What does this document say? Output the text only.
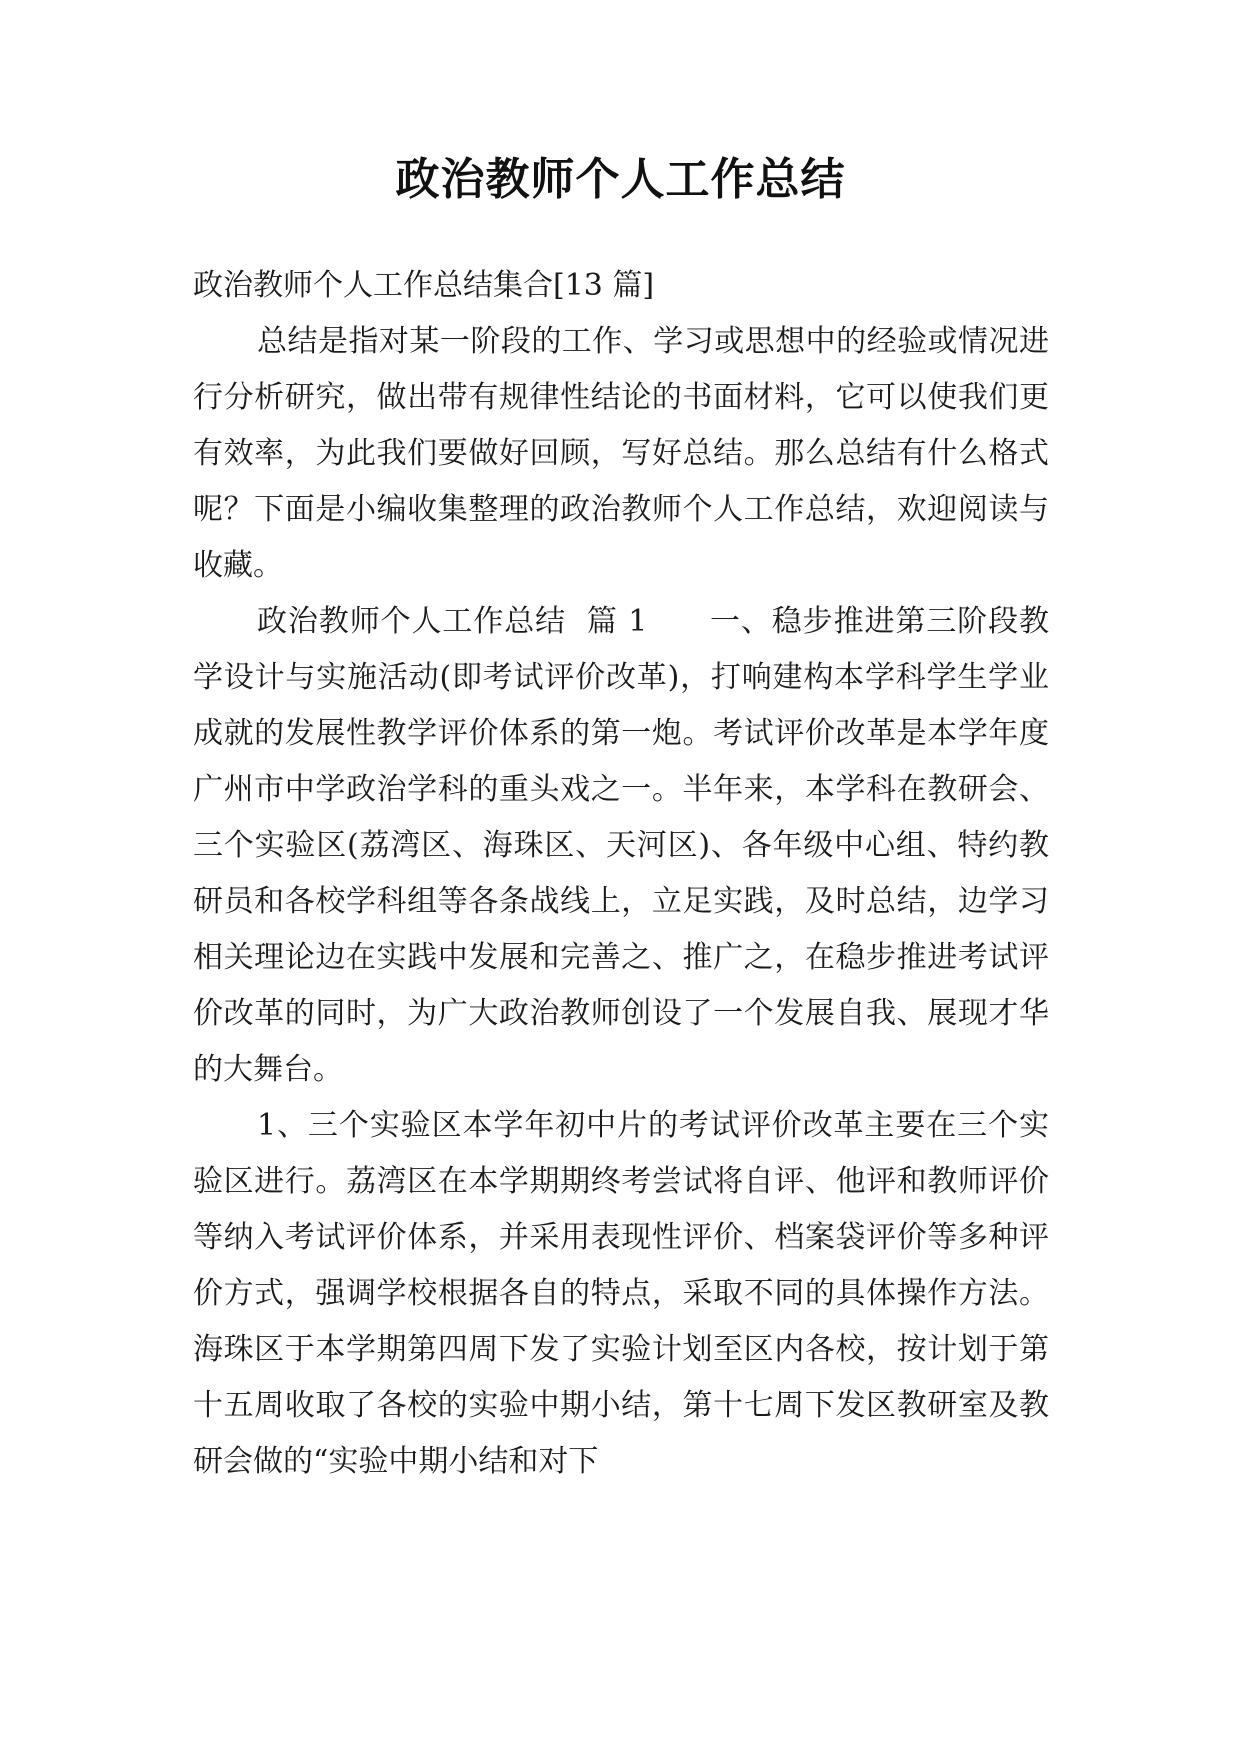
政治教师个人工作总结

政治教师个人工作总结集合[13 篇]

总结是指对某一阶段的工作、学习或思想中的经验或情况进行分析研究，做出带有规律性结论的书面材料，它可以使我们更有效率，为此我们要做好回顾，写好总结。那么总结有什么格式呢？下面是小编收集整理的政治教师个人工作总结，欢迎阅读与收藏。

政治教师个人工作总结  篇 1      一、稳步推进第三阶段教学设计与实施活动(即考试评价改革)，打响建构本学科学生学业成就的发展性教学评价体系的第一炮。考试评价改革是本学年度广州市中学政治学科的重头戏之一。半年来，本学科在教研会、三个实验区(荔湾区、海珠区、天河区)、各年级中心组、特约教研员和各校学科组等各条战线上，立足实践，及时总结，边学习相关理论边在实践中发展和完善之、推广之，在稳步推进考试评价改革的同时，为广大政治教师创设了一个发展自我、展现才华的大舞台。

1、三个实验区本学年初中片的考试评价改革主要在三个实验区进行。荔湾区在本学期期终考尝试将自评、他评和教师评价等纳入考试评价体系，并采用表现性评价、档案袋评价等多种评价方式，强调学校根据各自的特点，采取不同的具体操作方法。海珠区于本学期第四周下发了实验计划至区内各校，按计划于第十五周收取了各校的实验中期小结，第十七周下发区教研室及教研会做的“实验中期小结和对下
